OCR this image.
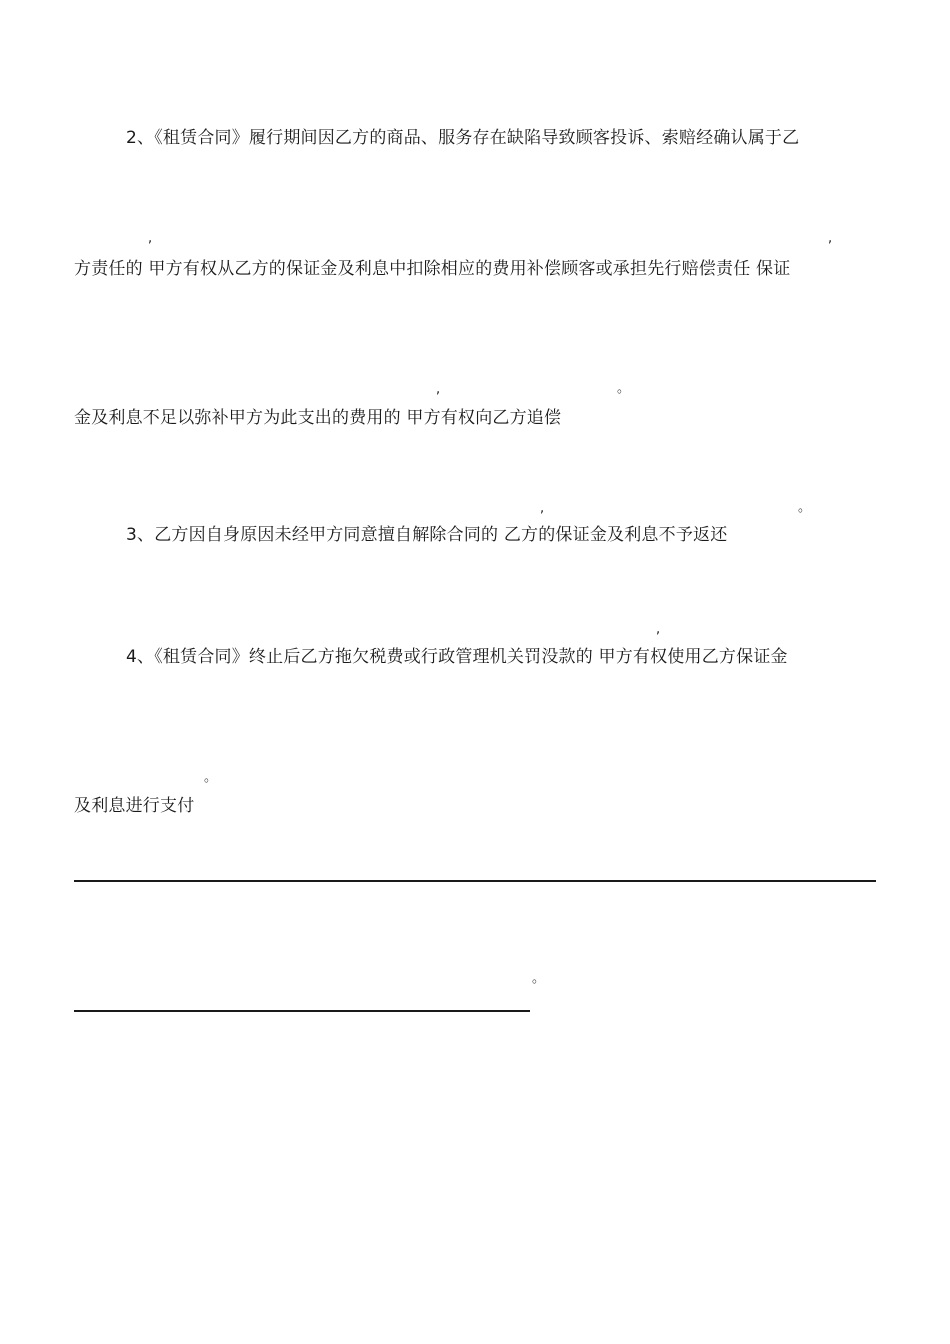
2、《租赁合同》履行期间因乙方的商品、服务存在缺陷导致顾客投诉、索赔经确认属于乙
,	,
方责任的 甲方有权从乙方的保证金及利息中扣除相应的费用补偿顾客或承担先行赔偿责任 保证
,	。
金及利息不足以弥补甲方为此支出的费用的 甲方有权向乙方追偿
,	。
3、乙方因自身原因未经甲方同意擅自解除合同的 乙方的保证金及利息不予返还
,
4、《租赁合同》终止后乙方拖欠税费或行政管理机关罚没款的 甲方有权使用乙方保证金
。
及利息进行支付
。
